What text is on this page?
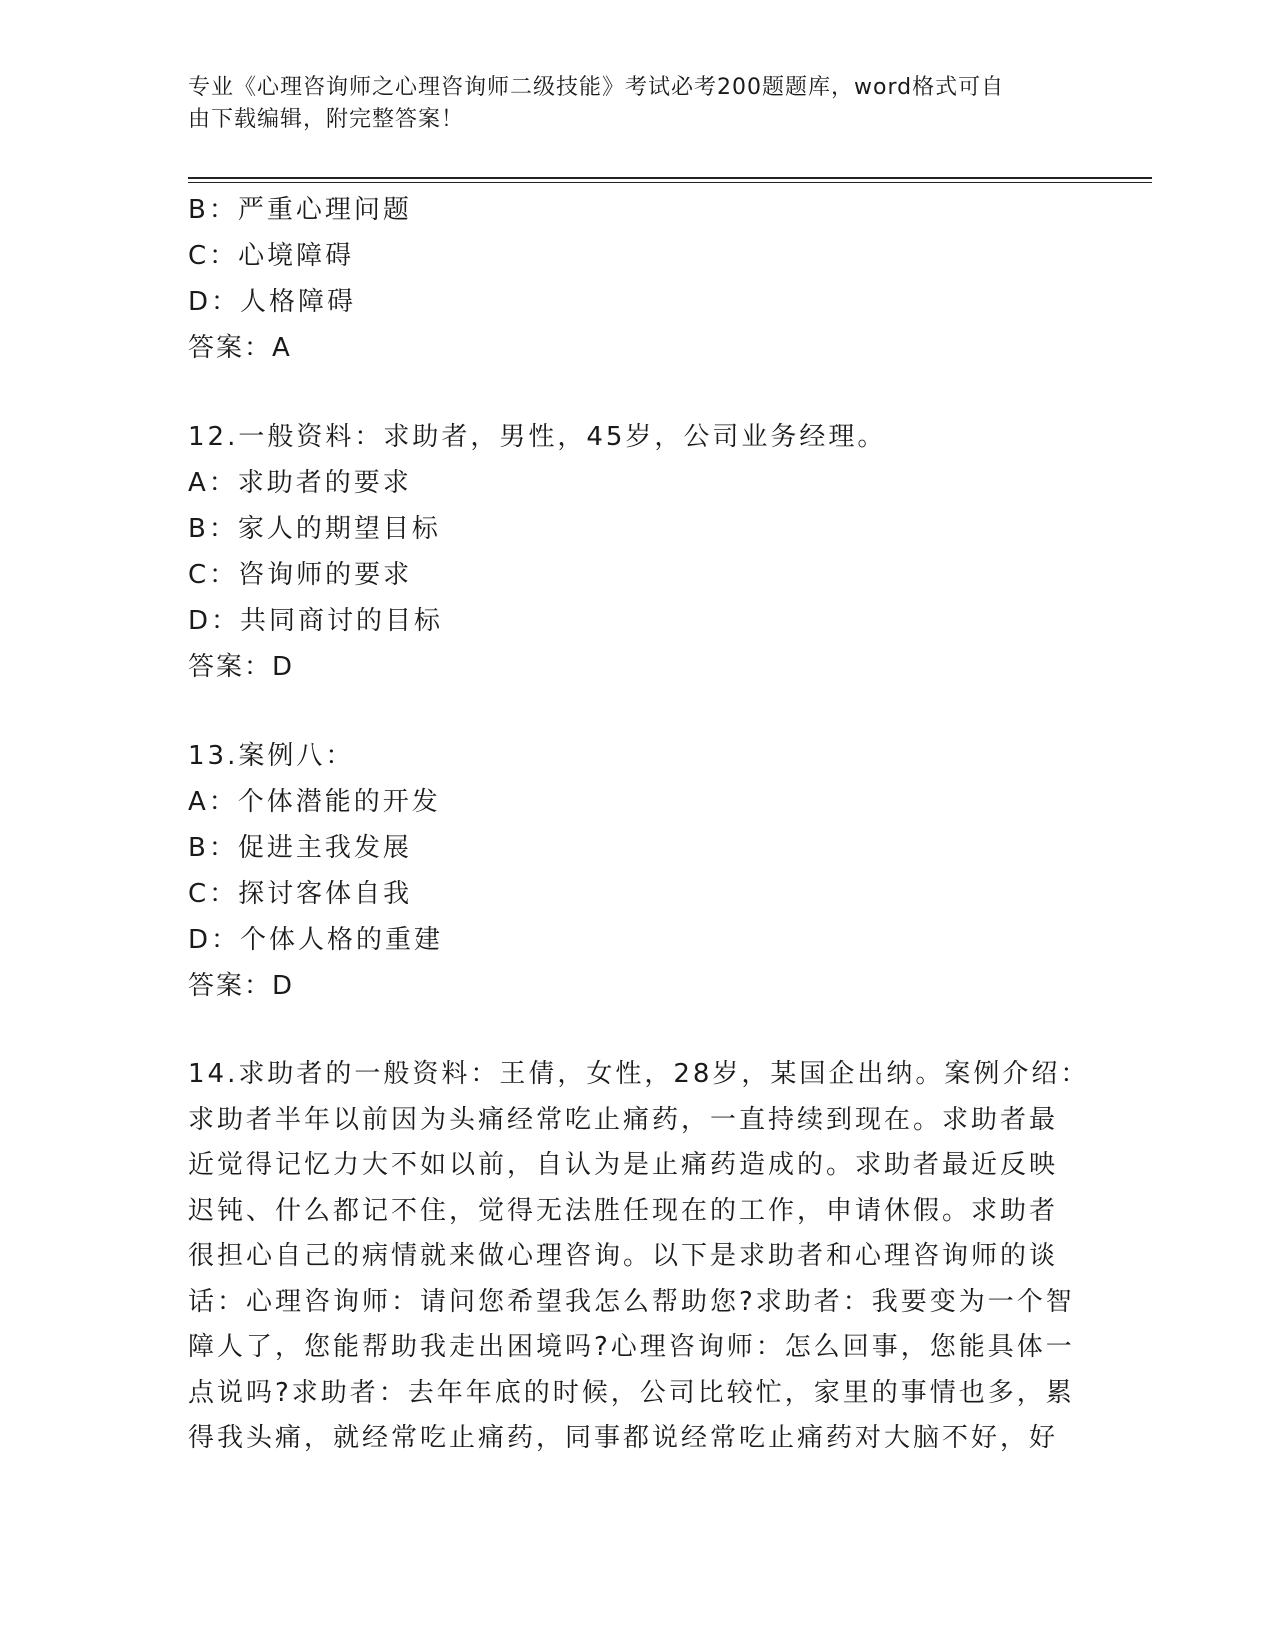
专业《心理咨询师之心理咨询师二级技能》考试必考200题题库，word格式可自
由下载编辑，附完整答案！
B：严重心理问题
C：心境障碍
D：人格障碍
答案：A
12.一般资料：求助者，男性，45岁，公司业务经理。
A：求助者的要求
B：家人的期望目标
C：咨询师的要求
D：共同商讨的目标
答案：D
13.案例八：
A：个体潜能的开发
B：促进主我发展
C：探讨客体自我
D：个体人格的重建
答案：D
14.求助者的一般资料：王倩，女性，28岁，某国企出纳。案例介绍：
求助者半年以前因为头痛经常吃止痛药，一直持续到现在。求助者最
近觉得记忆力大不如以前，自认为是止痛药造成的。求助者最近反映
迟钝、什么都记不住，觉得无法胜任现在的工作，申请休假。求助者
很担心自己的病情就来做心理咨询。以下是求助者和心理咨询师的谈
话：心理咨询师：请问您希望我怎么帮助您?求助者：我要变为一个智
障人了，您能帮助我走出困境吗?心理咨询师：怎么回事，您能具体一
点说吗?求助者：去年年底的时候，公司比较忙，家里的事情也多，累
得我头痛，就经常吃止痛药，同事都说经常吃止痛药对大脑不好，好
